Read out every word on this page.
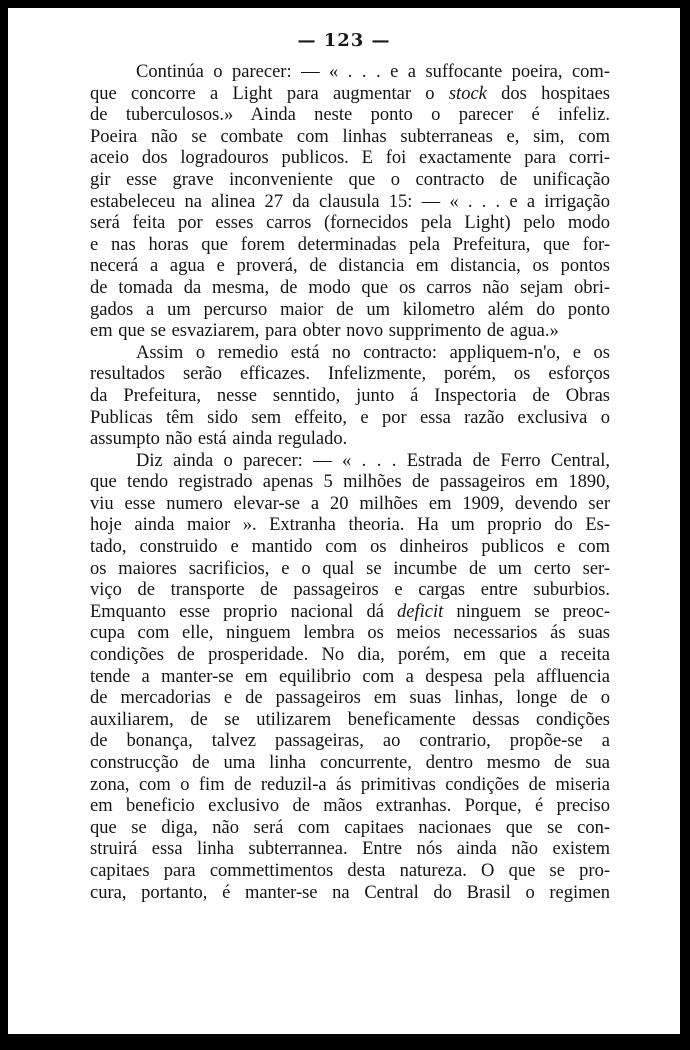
— 123 —
Continúa o parecer: — « . . . e a suffocante poeira, com-
que concorre a Light para augmentar o stock dos hospitaes
de tuberculosos.» Ainda neste ponto o parecer é infeliz.
Poeira não se combate com linhas subterraneas e, sim, com
aceio dos logradouros publicos. E foi exactamente para corri-
gir esse grave inconveniente que o contracto de unificação
estabeleceu na alinea 27 da clausula 15: — « . . . e a irrigação
será feita por esses carros (fornecidos pela Light) pelo modo
e nas horas que forem determinadas pela Prefeitura, que for-
necerá a agua e proverá, de distancia em distancia, os pontos
de tomada da mesma, de modo que os carros não sejam obri-
gados a um percurso maior de um kilometro além do ponto
em que se esvaziarem, para obter novo supprimento de agua.»
Assim o remedio está no contracto: appliquem-n'o, e os
resultados serão efficazes. Infelizmente, porém, os esforços
da Prefeitura, nesse senntido, junto á Inspectoria de Obras
Publicas têm sido sem effeito, e por essa razão exclusiva o
assumpto não está ainda regulado.
Diz ainda o parecer: — « . . . Estrada de Ferro Central,
que tendo registrado apenas 5 milhões de passageiros em 1890,
viu esse numero elevar-se a 20 milhões em 1909, devendo ser
hoje ainda maior ». Extranha theoria. Ha um proprio do Es-
tado, construido e mantido com os dinheiros publicos e com
os maiores sacrificios, e o qual se incumbe de um certo ser-
viço de transporte de passageiros e cargas entre suburbios.
Emquanto esse proprio nacional dá deficit ninguem se preoc-
cupa com elle, ninguem lembra os meios necessarios ás suas
condições de prosperidade. No dia, porém, em que a receita
tende a manter-se em equilibrio com a despesa pela affluencia
de mercadorias e de passageiros em suas linhas, longe de o
auxiliarem, de se utilizarem beneficamente dessas condições
de bonança, talvez passageiras, ao contrario, propõe-se a
construcção de uma linha concurrente, dentro mesmo de sua
zona, com o fim de reduzil-a ás primitivas condições de miseria
em beneficio exclusivo de mãos extranhas. Porque, é preciso
que se diga, não será com capitaes nacionaes que se con-
struirá essa linha subterrannea. Entre nós ainda não existem
capitaes para commettimentos desta natureza. O que se pro-
cura, portanto, é manter-se na Central do Brasil o regimen
